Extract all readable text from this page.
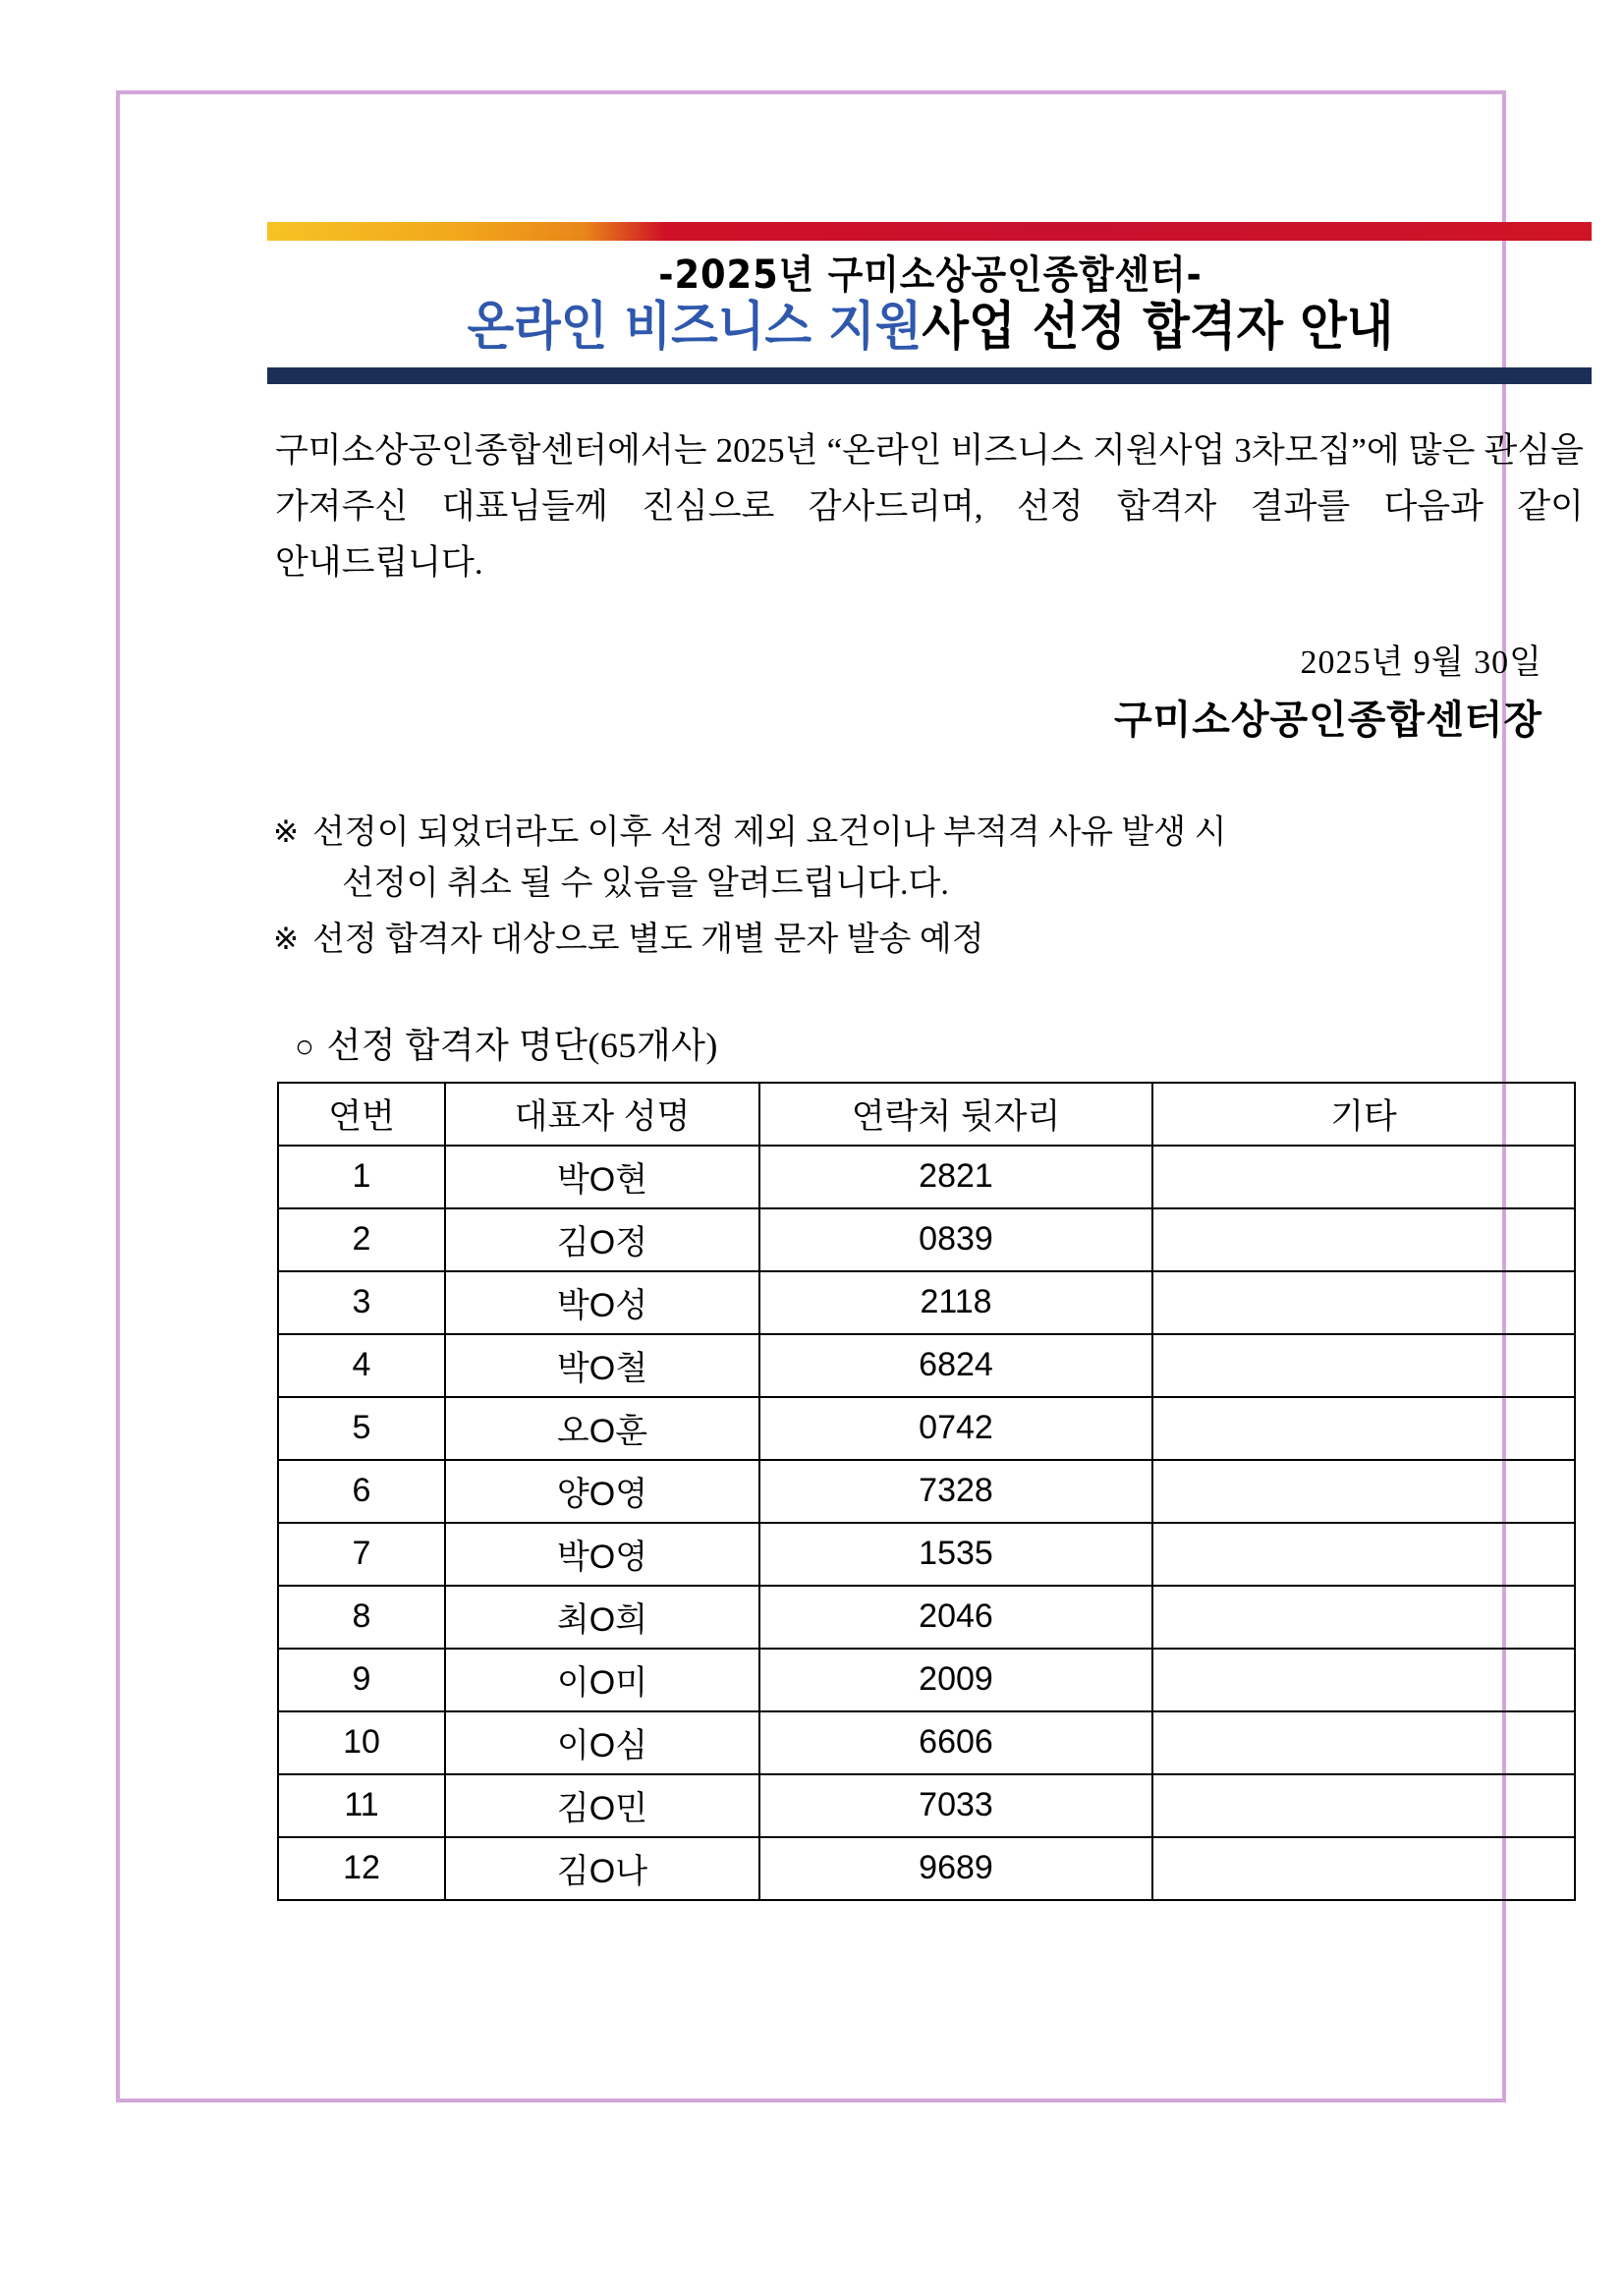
-2025년 구미소상공인종합센터-
온라인 비즈니스 지원사업 선정 합격자 안내

구미소상공인종합센터에서는 2025년 “온라인 비즈니스 지원사업 3차모집”에 많은 관심을 가져주신 대표님들께 진심으로 감사드리며, 선정 합격자 결과를 다음과 같이 안내드립니다.

2025년 9월 30일
구미소상공인종합센터장
※ 선정이 되었더라도 이후 선정 제외 요건이나 부적격 사유 발생 시
선정이 취소 될 수 있음을 알려드립니다.다.
※ 선정 합격자 대상으로 별도 개별 문자 발송 예정
○ 선정 합격자 명단(65개사)
연번	대표자 성명	연락처 뒷자리	기타
1	박O현	2821	
2	김O정	0839	
3	박O성	2118	
4	박O철	6824	
5	오O훈	0742	
6	양O영	7328	
7	박O영	1535	
8	최O희	2046	
9	이O미	2009	
10	이O심	6606	
11	김O민	7033	
12	김O나	9689	
